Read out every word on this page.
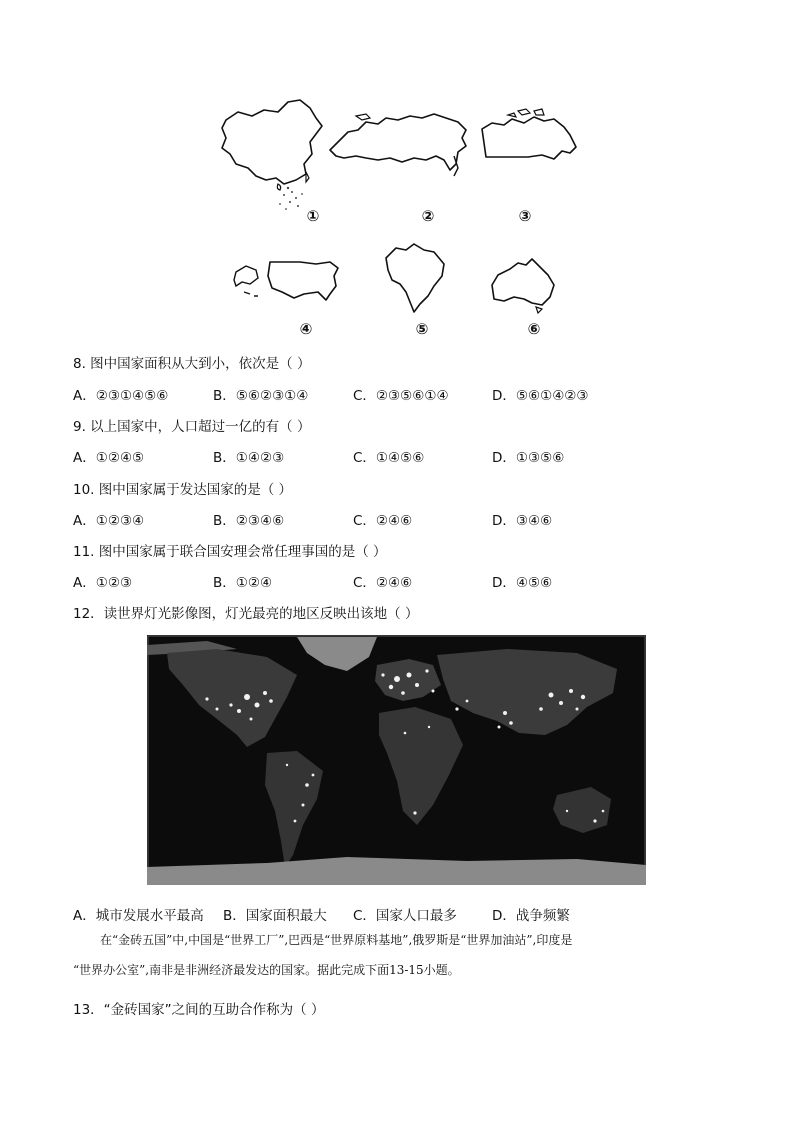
①	②	③
④	⑤	⑥
8. 图中国家面积从大到小，依次是（ ）
A．②③①④⑤⑥	B．⑤⑥②③①④	C．②③⑤⑥①④	D．⑤⑥①④②③
9. 以上国家中，人口超过一亿的有（ ）
A．①②④⑤	B．①④②③	C．①④⑤⑥	D．①③⑤⑥
10. 图中国家属于发达国家的是（ ）
A．①②③④	B．②③④⑥	C．②④⑥	D．③④⑥
11. 图中国家属于联合国安理会常任理事国的是（ ）
A．①②③	B．①②④	C．②④⑥	D．④⑤⑥
12．读世界灯光影像图，灯光最亮的地区反映出该地（ ）
A．城市发展水平最高 B．国家面积最大 C．国家人口最多	D．战争频繁

在“金砖五国”中,中国是“世界工厂”,巴西是“世界原料基地”,俄罗斯是“世界加油站”,印度是

“世界办公室”,南非是非洲经济最发达的国家。据此完成下面13-15小题。

13．“金砖国家”之间的互助合作称为（ ）
